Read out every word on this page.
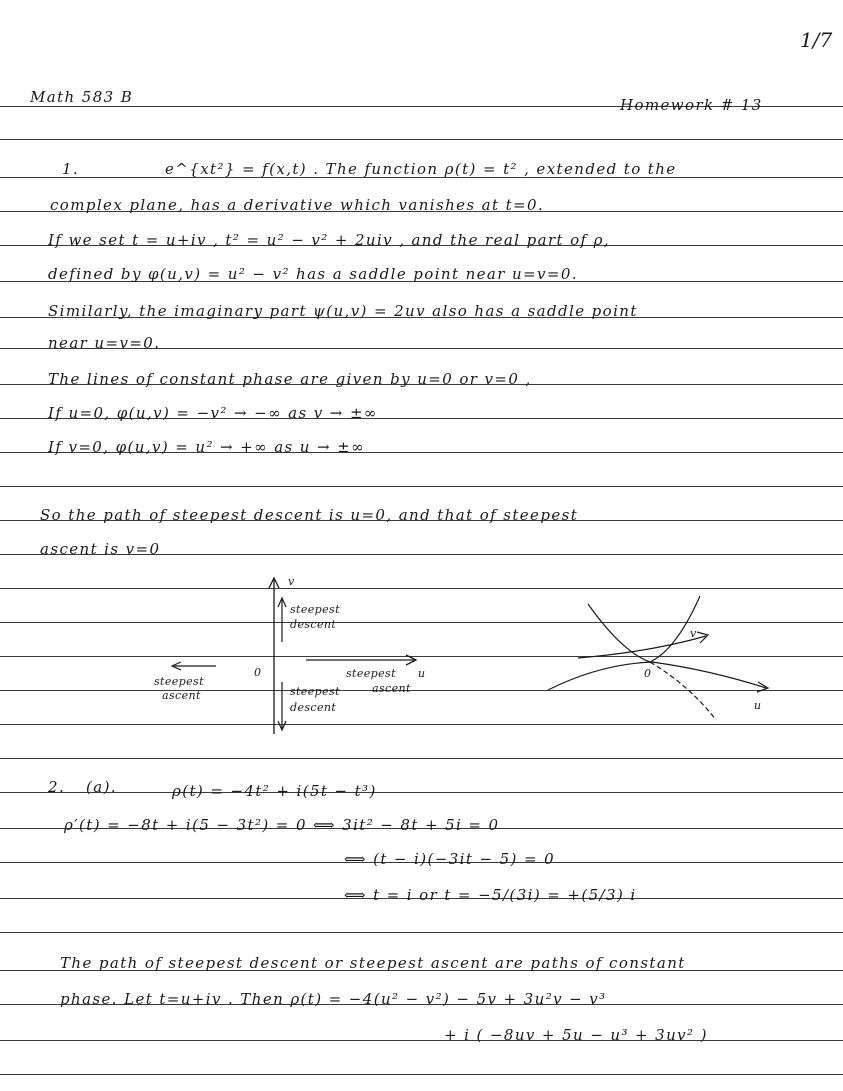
1/7
Math 583 B	Homework # 13
1.	e^{xt²} = f(x,t) . The function ρ(t) = t² , extended to the
complex plane, has a derivative which vanishes at t=0.
If we set t = u+iv , t² = u² − v² + 2uiv , and the real part of ρ,
defined by φ(u,v) = u² − v² has a saddle point near u=v=0.
Similarly, the imaginary part ψ(u,v) = 2uv also has a saddle point
near u=v=0.
The lines of constant phase are given by u=0 or v=0 ,
If u=0, φ(u,v) = −v² → −∞ as v → ±∞
If v=0, φ(u,v) = u² → +∞ as u → ±∞
So the path of steepest descent is u=0, and that of steepest
ascent is v=0
v
u
0
steepest
descent
steepest
descent
steepest
ascent
steepest
ascent
v
u
0
2. (a).	ρ(t) = −4t² + i(5t − t³)
ρ′(t) = −8t + i(5 − 3t²) = 0 ⟺ 3it² − 8t + 5i = 0
⟺ (t − i)(−3it − 5) = 0
⟺ t = i or t = −5/(3i) = +(5/3) i
The path of steepest descent or steepest ascent are paths of constant
phase. Let t=u+iv . Then ρ(t) = −4(u² − v²) − 5v + 3u²v − v³
+ i ( −8uv + 5u − u³ + 3uv² )
